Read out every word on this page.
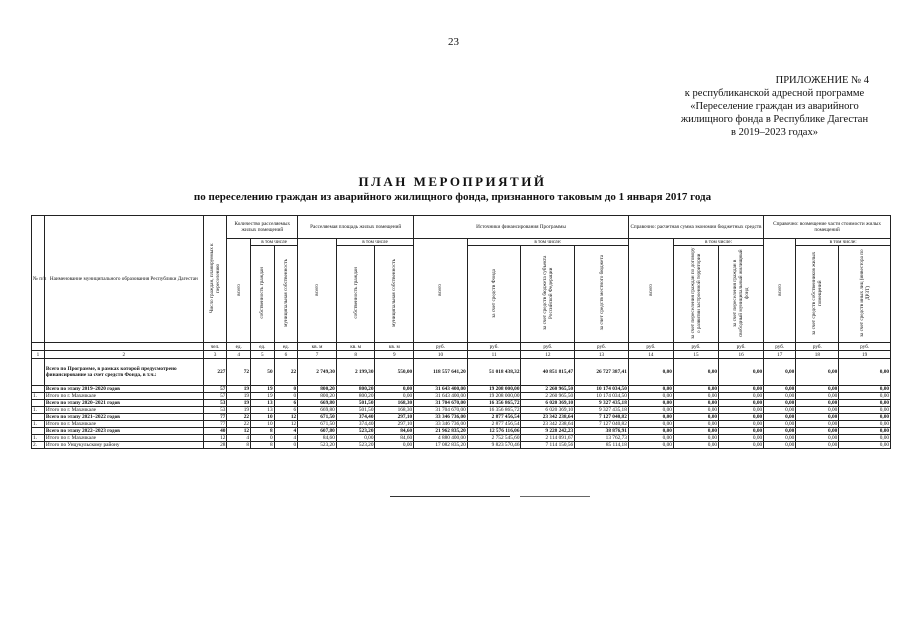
23
ПРИЛОЖЕНИЕ № 4
к республиканской адресной программе
«Переселение граждан из аварийного
жилищного фонда в Республике Дагестан
в 2019–2023 годах»
ПЛАН МЕРОПРИЯТИЙ
по переселению граждан из аварийного жилищного фонда, признанного таковым до 1 января 2017 года
№ п/п	Наименование муниципального образования Республики Дагестан	Число граждан, планируемых к переселению	Количество расселяемых жилых помещений			Расселяемая площадь жилых помещений			Источники финансирования Программы				Справочно: расчетная сумма экономии бюджетных средств			Справочно: возмещение части стоимости жилых помещений		
			всего	в том числе		всего	в том числе		всего	в том числе:			всего	в том числе:		всего	в том числе:	
				собственность граждан	муниципальная собственность		собственность граждан	муниципальная собственность		за счет средств Фонда	за счет средств бюджета субъекта Российской Федерации	за счет средств местного бюджета		за счет переселения граждан по договору о развитии застроенной территории	за счет переселения граждан в свободный муниципальный жилищный фонд		за счет средств собственников жилых помещений	за счет средств иных лиц (инвестора по ДРЗТ)
		чел.	ед.	ед.	ед.	кв. м	кв. м	кв. м	руб.	руб.	руб.	руб.	руб.	руб.	руб.	руб.	руб.	руб.
1	2	3	4	5	6	7	8	9	10	11	12	13	14	15	16	17	18	19
	Всего по Программе, в рамках которой предусмотрено финансирование за счет средств Фонда, в т.ч.:	227	72	50	22	2 749,30	2 199,30	550,00	118 557 641,20	51 018 438,32	40 851 815,47	26 727 387,41	0,00	0,00	0,00	0,00	0,00	0,00
	Всего по этапу 2019–2020 годов	57	19	19	0	800,20	800,20	0,00	31 643 400,00	19 208 000,00	2 260 965,50	10 174 034,50	0,00	0,00	0,00	0,00	0,00	0,00
1.	Итого по г. Махачкале	57	19	19	0	800,20	800,20	0,00	31 643 400,00	19 208 000,00	2 260 965,50	10 174 034,50	0,00	0,00	0,00	0,00	0,00	0,00
	Всего по этапу 2020–2021 годов	53	19	13	6	669,80	501,50	168,30	31 704 670,00	16 356 865,72	6 020 369,10	9 327 435,18	0,00	0,00	0,00	0,00	0,00	0,00
1.	Итого по г. Махачкале	53	19	13	6	669,80	501,50	168,30	31 704 670,00	16 356 865,72	6 020 369,10	9 327 435,18	0,00	0,00	0,00	0,00	0,00	0,00
	Всего по этапу 2021–2022 годов	77	22	10	12	671,50	374,40	297,10	33 346 736,00	2 877 456,54	23 342 238,64	7 127 040,82	0,00	0,00	0,00	0,00	0,00	0,00
1.	Итого по г. Махачкале	77	22	10	12	671,50	374,40	297,10	33 346 736,00	2 877 456,54	23 342 238,64	7 127 040,82	0,00	0,00	0,00	0,00	0,00	0,00
	Всего по этапу 2022–2023 годов	40	12	8	4	607,80	523,20	84,60	21 962 835,20	12 576 116,06	9 228 242,23	38 876,91	0,00	0,00	0,00	0,00	0,00	0,00
1.	Итого по г. Махачкале	12	4	0	4	84,60	0,00	84,60	4 880 400,00	2 752 545,60	2 114 091,67	13 762,73	0,00	0,00	0,00	0,00	0,00	0,00
2.	Итого по Унцукульскому району	28	8	8	0	523,20	523,20	0,00	17 082 835,20	9 823 570,46	7 114 150,56	85 114,18	0,00	0,00	0,00	0,00	0,00	0,00
